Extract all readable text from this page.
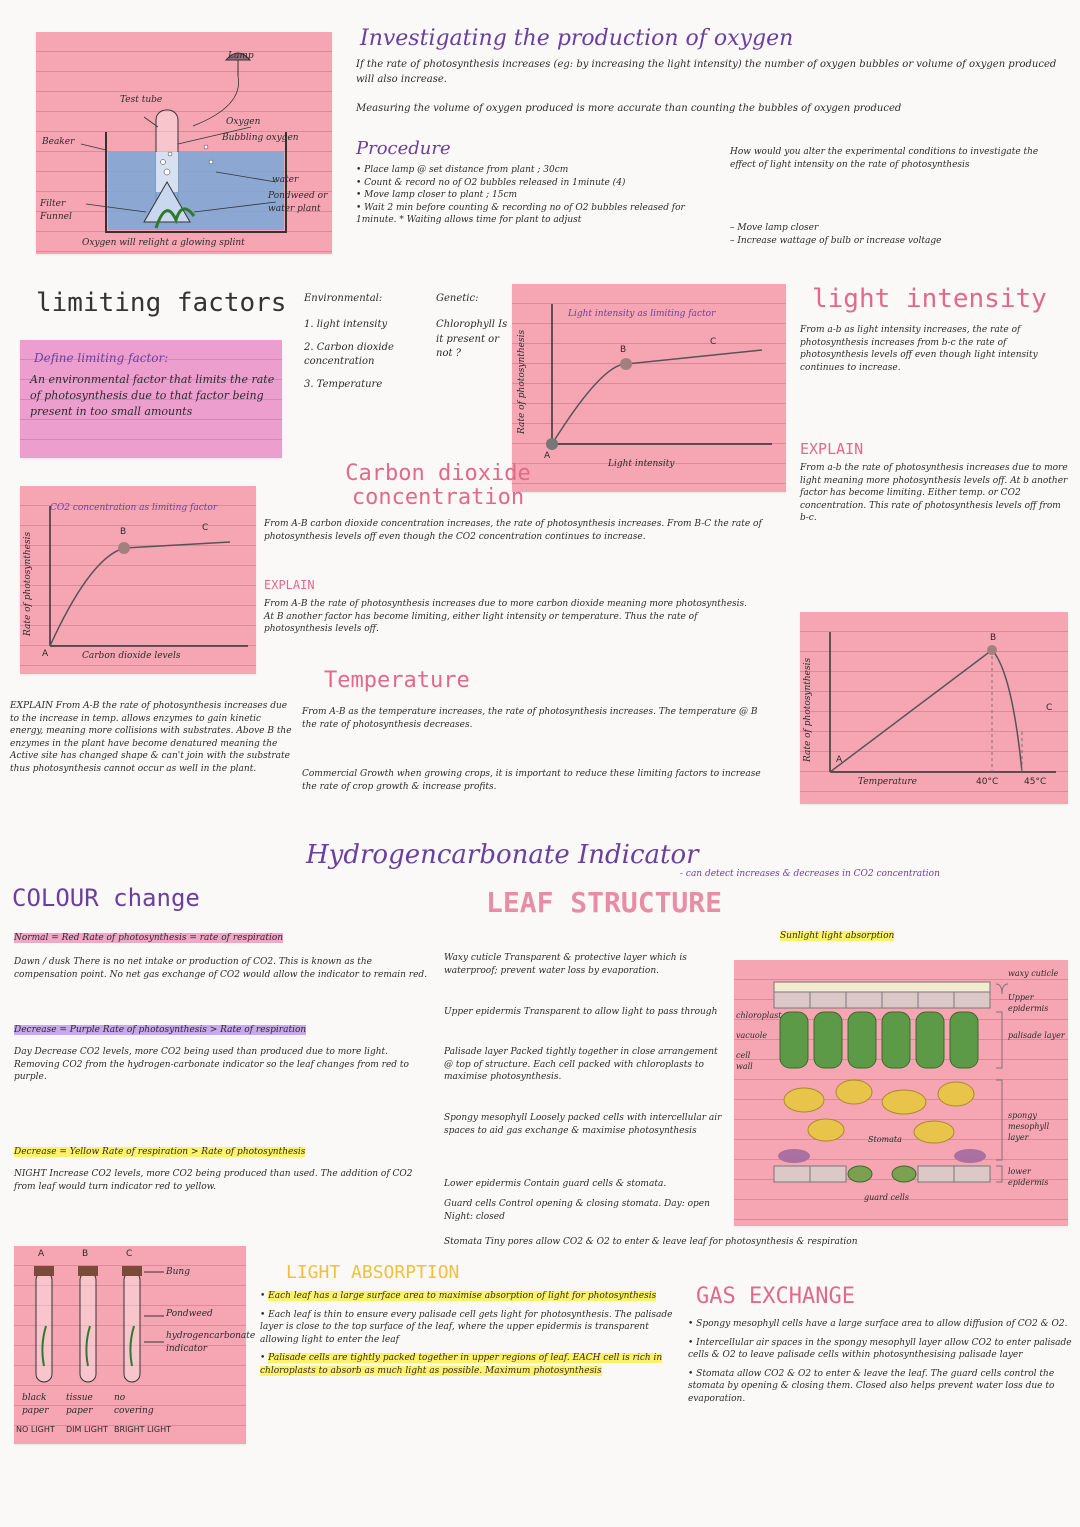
Lamp
Test tube
Beaker
Oxygen
Bubbling oxygen
water
Pondweed or water plant
Filter Funnel
Oxygen will relight a glowing splint
Investigating the production of oxygen
If the rate of photosynthesis increases (eg: by increasing the light intensity) the number of oxygen bubbles or volume of oxygen produced will also increase.
Measuring the volume of oxygen produced is more accurate than counting the bubbles of oxygen produced
Procedure
• Place lamp @ set distance from plant ; 30cm
• Count & record no of O2 bubbles released in 1minute (4)
• Move lamp closer to plant ; 15cm
• Wait 2 min before counting & recording no of O2 bubbles released for 1minute. * Waiting allows time for plant to adjust
How would you alter the experimental conditions to investigate the effect of light intensity on the rate of photosynthesis
– Move lamp closer
– Increase wattage of bulb or increase voltage
limiting factors
Define limiting factor:
An environmental factor that limits the rate of photosynthesis due to that factor being present in too small amounts
Environmental:
1. light intensity
2. Carbon dioxide concentration
3. Temperature
Genetic:
Chlorophyll Is it present or not ?
Light intensity as limiting factor
Rate of photosynthesis
Light intensity
A
B
C
light intensity
From a-b as light intensity increases, the rate of photosynthesis increases from b-c the rate of photosynthesis levels off even though light intensity continues to increase.
EXPLAIN
From a-b the rate of photosynthesis increases due to more light meaning more photosynthesis levels off. At b another factor has become limiting. Either temp. or CO2 concentration. This rate of photosynthesis levels off from b-c.
CO2 concentration as limiting factor
Rate of photosynthesis
Carbon dioxide levels
A
B	C
Carbon dioxide concentration
From A-B carbon dioxide concentration increases, the rate of photosynthesis increases. From B-C the rate of photosynthesis levels off even though the CO2 concentration continues to increase.
EXPLAIN
From A-B the rate of photosynthesis increases due to more carbon dioxide meaning more photosynthesis. At B another factor has become limiting, either light intensity or temperature. Thus the rate of photosynthesis levels off.
Rate of photosynthesis
Temperature
A
B
C
40°C	45°C
Temperature
EXPLAIN From A-B the rate of photosynthesis increases due to the increase in temp. allows enzymes to gain kinetic energy, meaning more collisions with substrates. Above B the enzymes in the plant have become denatured meaning the Active site has changed shape & can't join with the substrate thus photosynthesis cannot occur as well in the plant.
From A-B as the temperature increases, the rate of photosynthesis increases. The temperature @ B the rate of photosynthesis decreases.
Commercial Growth when growing crops, it is important to reduce these limiting factors to increase the rate of crop growth & increase profits.
Hydrogencarbonate Indicator
- can detect increases & decreases in CO2 concentration
COLOUR change
Normal = Red Rate of photosynthesis = rate of respiration
Dawn / dusk There is no net intake or production of CO2. This is known as the compensation point. No net gas exchange of CO2 would allow the indicator to remain red.
Decrease = Purple Rate of photosynthesis > Rate of respiration
Day Decrease CO2 levels, more CO2 being used than produced due to more light. Removing CO2 from the hydrogen-carbonate indicator so the leaf changes from red to purple.
Decrease = Yellow Rate of respiration > Rate of photosynthesis
NIGHT Increase CO2 levels, more CO2 being produced than used. The addition of CO2 from leaf would turn indicator red to yellow.
A	B	C
Bung
Pondweed
hydrogencarbonate indicator
black paper
tissue paper
no covering
NO LIGHT DIM LIGHT BRIGHT LIGHT
LEAF STRUCTURE
Sunlight light absorption
Waxy cuticle Transparent & protective layer which is waterproof; prevent water loss by evaporation.
Upper epidermis Transparent to allow light to pass through
Palisade layer Packed tightly together in close arrangement @ top of structure. Each cell packed with chloroplasts to maximise photosynthesis.
Spongy mesophyll Loosely packed cells with intercellular air spaces to aid gas exchange & maximise photosynthesis
Lower epidermis Contain guard cells & stomata.
Guard cells Control opening & closing stomata. Day: open Night: closed
Stomata Tiny pores allow CO2 & O2 to enter & leave leaf for photosynthesis & respiration
chloroplast
vacuole
cell wall
waxy cuticle
Upper epidermis
palisade layer
spongy mesophyll layer
lower epidermis
Stomata
guard cells
LIGHT ABSORPTION
• Each leaf has a large surface area to maximise absorption of light for photosynthesis
• Each leaf is thin to ensure every palisade cell gets light for photosynthesis. The palisade layer is close to the top surface of the leaf, where the upper epidermis is transparent allowing light to enter the leaf
• Palisade cells are tightly packed together in upper regions of leaf. EACH cell is rich in chloroplasts to absorb as much light as possible. Maximum photosynthesis
GAS EXCHANGE
• Spongy mesophyll cells have a large surface area to allow diffusion of CO2 & O2.
• Intercellular air spaces in the spongy mesophyll layer allow CO2 to enter palisade cells & O2 to leave palisade cells within photosynthesising palisade layer
• Stomata allow CO2 & O2 to enter & leave the leaf. The guard cells control the stomata by opening & closing them. Closed also helps prevent water loss due to evaporation.
